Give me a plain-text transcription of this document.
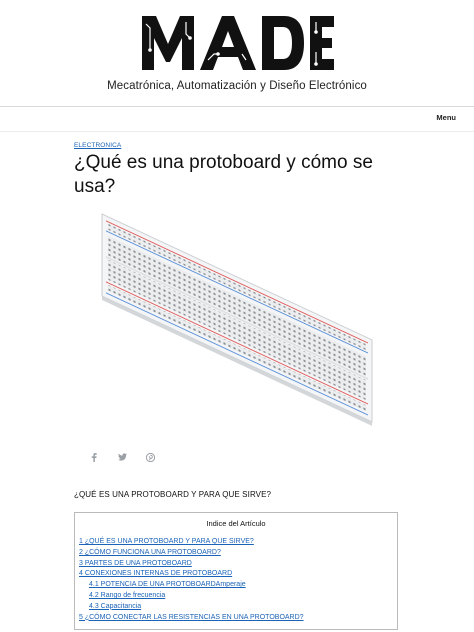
Mecatrónica, Automatización y Diseño Electrónico
Menu
ELECTRONICA
¿Qué es una protoboard y cómo se usa?
¿QUÉ ES UNA PROTOBOARD Y PARA QUE SIRVE?
Indice del Artículo
1 ¿QUÉ ES UNA PROTOBOARD Y PARA QUE SIRVE?
2 ¿CÓMO FUNCIONA UNA PROTOBOARD?
3 PARTES DE UNA PROTOBOARD
4 CONEXIONES INTERNAS DE PROTOBOARD
4.1 POTENCIA DE UNA PROTOBOARDAmperaje
4.2 Rango de frecuencia
4.3 Capacitancia
5 ¿CÓMO CONECTAR LAS RESISTENCIAS EN UNA PROTOBOARD?
